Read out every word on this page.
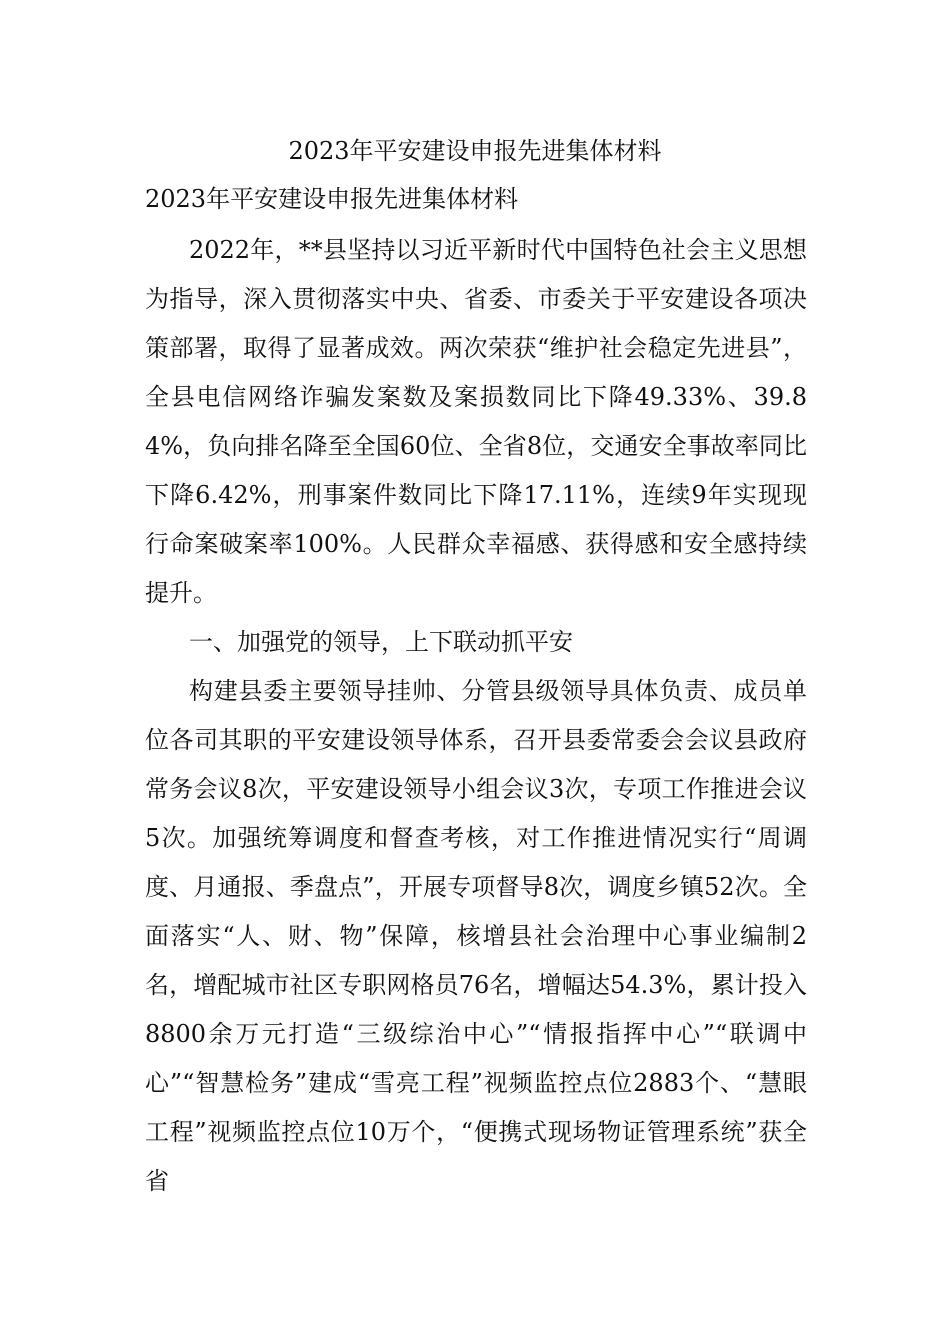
2023年平安建设申报先进集体材料
2023年平安建设申报先进集体材料

2022年，**县坚持以习近平新时代中国特色社会主义思想为指导，深入贯彻落实中央、省委、市委关于平安建设各项决策部署，取得了显著成效。两次荣获“维护社会稳定先进县”，全县电信网络诈骗发案数及案损数同比下降49.33%、39.84%，负向排名降至全国60位、全省8位，交通安全事故率同比下降6.42%，刑事案件数同比下降17.11%，连续9年实现现行命案破案率100%。人民群众幸福感、获得感和安全感持续提升。

一、加强党的领导，上下联动抓平安

构建县委主要领导挂帅、分管县级领导具体负责、成员单位各司其职的平安建设领导体系，召开县委常委会会议县政府常务会议8次，平安建设领导小组会议3次，专项工作推进会议5次。加强统筹调度和督查考核，对工作推进情况实行“周调度、月通报、季盘点”，开展专项督导8次，调度乡镇52次。全面落实“人、财、物”保障，核增县社会治理中心事业编制2名，增配城市社区专职网格员76名，增幅达54.3%，累计投入8800余万元打造“三级综治中心”“情报指挥中心”“联调中心”“智慧检务”建成“雪亮工程”视频监控点位2883个、“慧眼工程”视频监控点位10万个，“便携式现场物证管理系统”获全省
